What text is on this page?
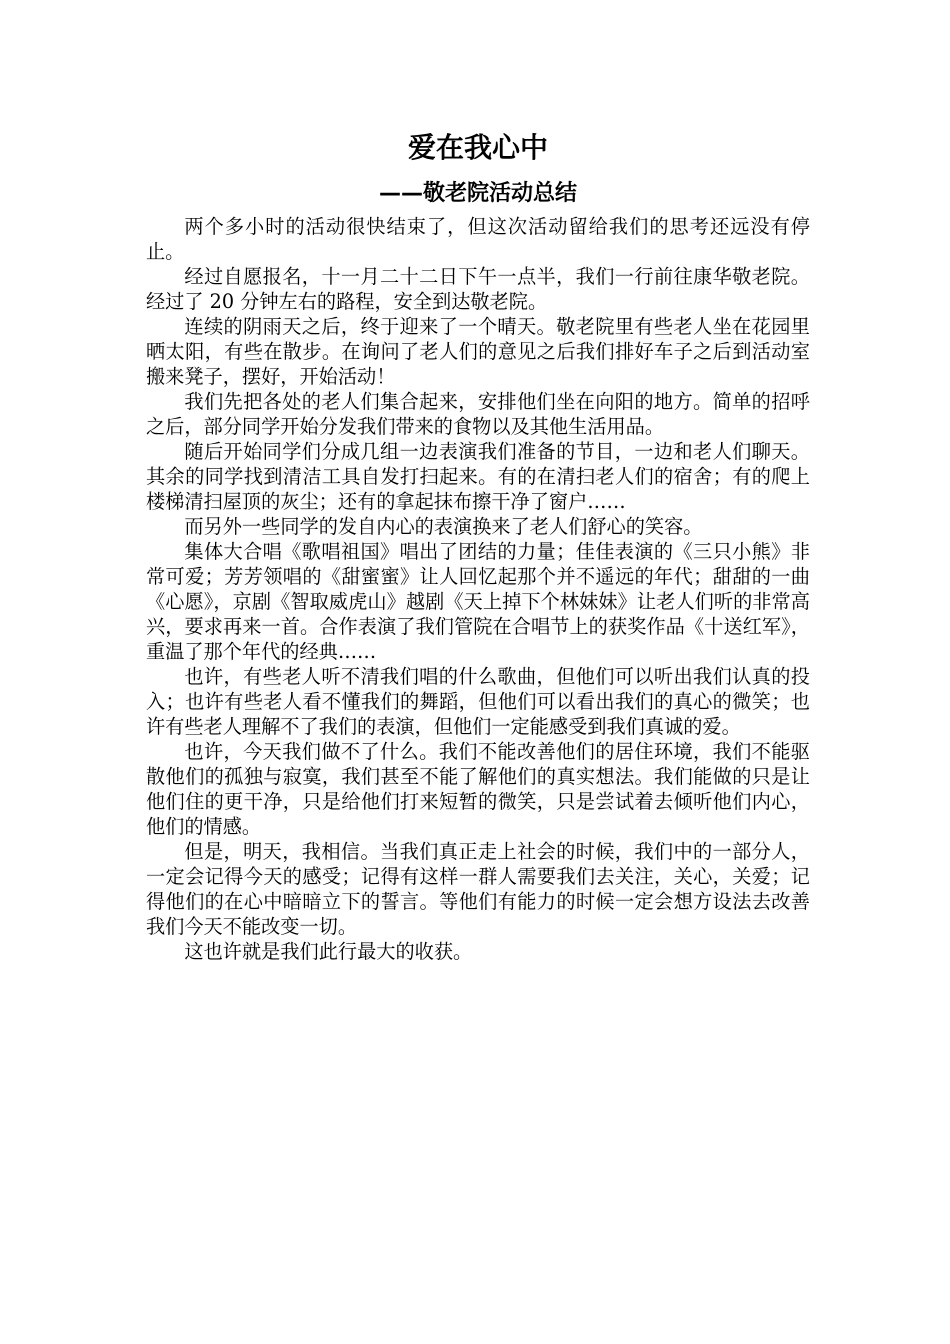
爱在我心中
——敬老院活动总结

两个多小时的活动很快结束了，但这次活动留给我们的思考还远没有停止。

经过自愿报名，十一月二十二日下午一点半，我们一行前往康华敬老院。经过了 20 分钟左右的路程，安全到达敬老院。

连续的阴雨天之后，终于迎来了一个晴天。敬老院里有些老人坐在花园里晒太阳，有些在散步。在询问了老人们的意见之后我们排好车子之后到活动室搬来凳子，摆好，开始活动！

我们先把各处的老人们集合起来，安排他们坐在向阳的地方。简单的招呼之后，部分同学开始分发我们带来的食物以及其他生活用品。

随后开始同学们分成几组一边表演我们准备的节目，一边和老人们聊天。其余的同学找到清洁工具自发打扫起来。有的在清扫老人们的宿舍；有的爬上楼梯清扫屋顶的灰尘；还有的拿起抹布擦干净了窗户……

而另外一些同学的发自内心的表演换来了老人们舒心的笑容。

集体大合唱《歌唱祖国》唱出了团结的力量；佳佳表演的《三只小熊》非常可爱；芳芳领唱的《甜蜜蜜》让人回忆起那个并不遥远的年代；甜甜的一曲《心愿》，京剧《智取威虎山》越剧《天上掉下个林妹妹》让老人们听的非常高兴，要求再来一首。合作表演了我们管院在合唱节上的获奖作品《十送红军》，重温了那个年代的经典……

也许，有些老人听不清我们唱的什么歌曲，但他们可以听出我们认真的投入；也许有些老人看不懂我们的舞蹈，但他们可以看出我们的真心的微笑；也许有些老人理解不了我们的表演，但他们一定能感受到我们真诚的爱。

也许，今天我们做不了什么。我们不能改善他们的居住环境，我们不能驱散他们的孤独与寂寞，我们甚至不能了解他们的真实想法。我们能做的只是让他们住的更干净，只是给他们打来短暂的微笑，只是尝试着去倾听他们内心，他们的情感。

但是，明天，我相信。当我们真正走上社会的时候，我们中的一部分人，一定会记得今天的感受；记得有这样一群人需要我们去关注，关心，关爱；记得他们的在心中暗暗立下的誓言。等他们有能力的时候一定会想方设法去改善我们今天不能改变一切。

这也许就是我们此行最大的收获。
